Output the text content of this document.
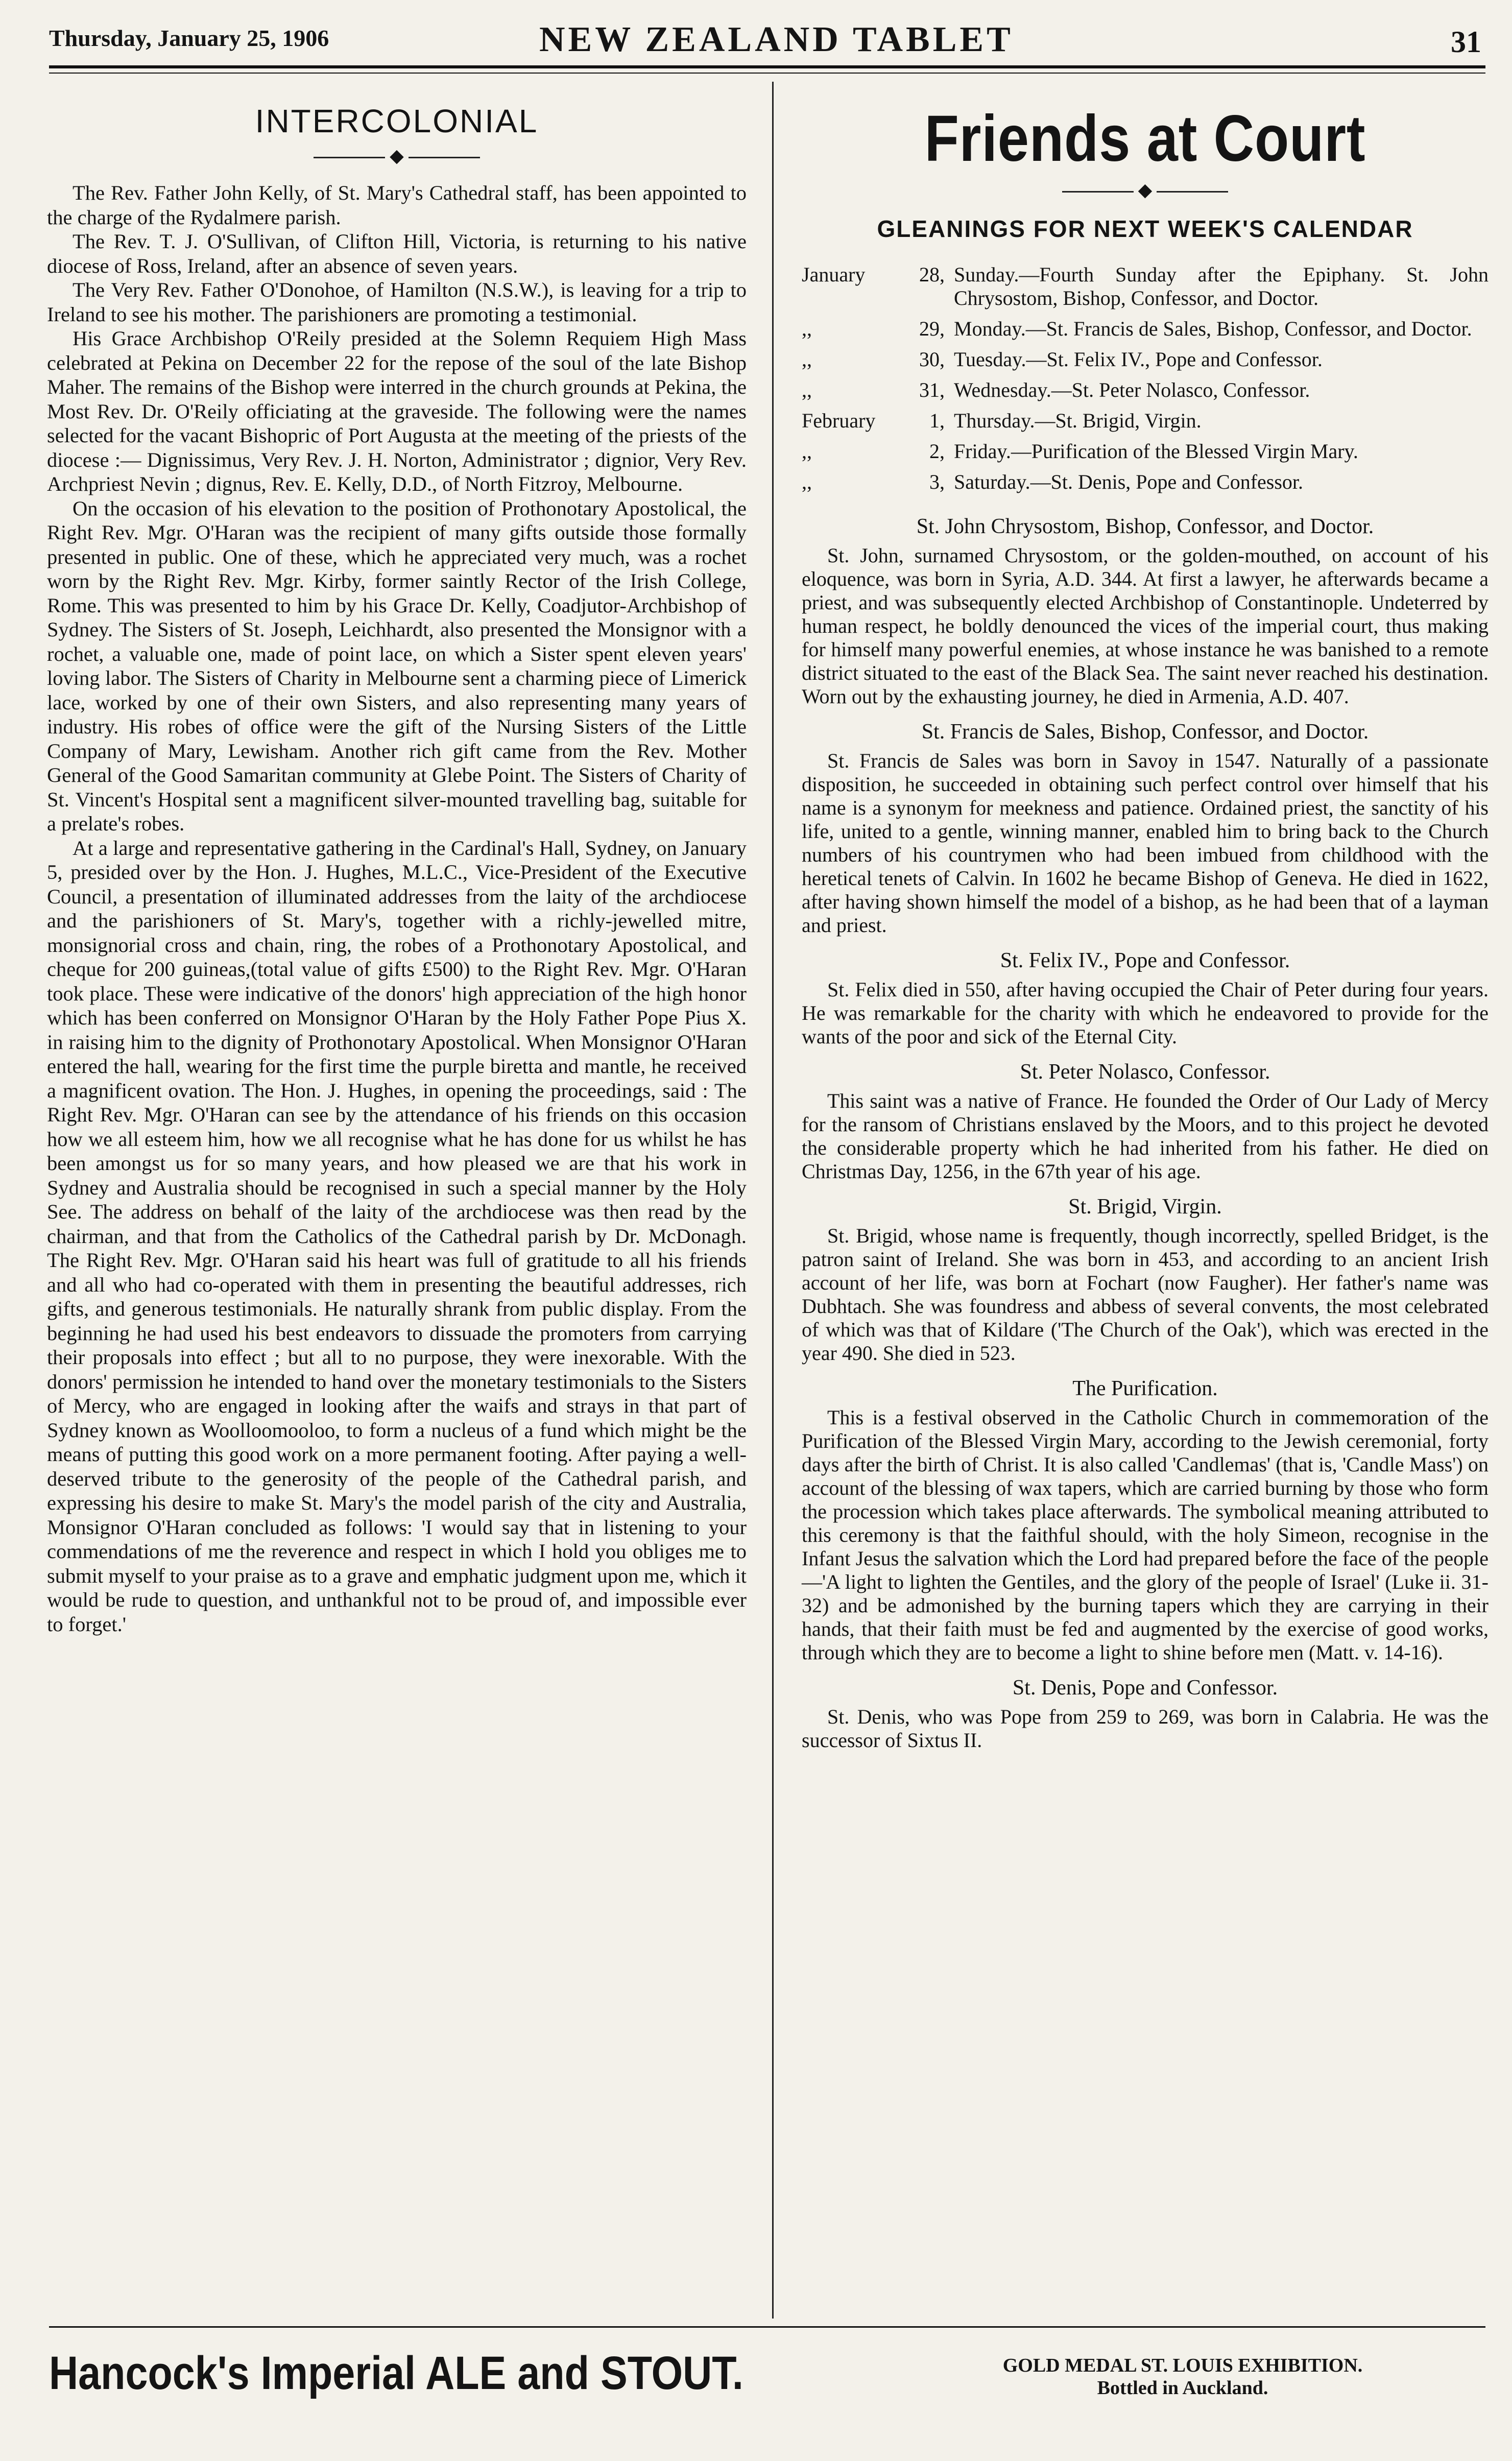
Thursday, January 25, 1906	NEW ZEALAND TABLET	31
INTERCOLONIAL
◆

The Rev. Father John Kelly, of St. Mary's Cathedral staff, has been appointed to the charge of the Rydalmere parish.

The Rev. T. J. O'Sullivan, of Clifton Hill, Victoria, is returning to his native diocese of Ross, Ireland, after an absence of seven years.

The Very Rev. Father O'Donohoe, of Hamilton (N.S.W.), is leaving for a trip to Ireland to see his mother. The parishioners are promoting a testimonial.

His Grace Archbishop O'Reily presided at the Solemn Requiem High Mass celebrated at Pekina on December 22 for the repose of the soul of the late Bishop Maher. The remains of the Bishop were interred in the church grounds at Pekina, the Most Rev. Dr. O'Reily officiating at the graveside. The following were the names selected for the vacant Bishopric of Port Augusta at the meeting of the priests of the diocese :— Dignissimus, Very Rev. J. H. Norton, Administrator ; dignior, Very Rev. Archpriest Nevin ; dignus, Rev. E. Kelly, D.D., of North Fitzroy, Melbourne.

On the occasion of his elevation to the position of Prothonotary Apostolical, the Right Rev. Mgr. O'Haran was the recipient of many gifts outside those formally presented in public. One of these, which he appreciated very much, was a rochet worn by the Right Rev. Mgr. Kirby, former saintly Rector of the Irish College, Rome. This was presented to him by his Grace Dr. Kelly, Coadjutor-Archbishop of Sydney. The Sisters of St. Joseph, Leichhardt, also presented the Monsignor with a rochet, a valuable one, made of point lace, on which a Sister spent eleven years' loving labor. The Sisters of Charity in Melbourne sent a charming piece of Limerick lace, worked by one of their own Sisters, and also representing many years of industry. His robes of office were the gift of the Nursing Sisters of the Little Company of Mary, Lewisham. Another rich gift came from the Rev. Mother General of the Good Samaritan community at Glebe Point. The Sisters of Charity of St. Vincent's Hospital sent a magnificent silver-mounted travelling bag, suitable for a prelate's robes.

At a large and representative gathering in the Cardinal's Hall, Sydney, on January 5, presided over by the Hon. J. Hughes, M.L.C., Vice-President of the Executive Council, a presentation of illuminated addresses from the laity of the archdiocese and the parishioners of St. Mary's, together with a richly-jewelled mitre, monsignorial cross and chain, ring, the robes of a Prothonotary Apostolical, and cheque for 200 guineas,(total value of gifts £500) to the Right Rev. Mgr. O'Haran took place. These were indicative of the donors' high appreciation of the high honor which has been conferred on Monsignor O'Haran by the Holy Father Pope Pius X. in raising him to the dignity of Prothonotary Apostolical. When Monsignor O'Haran entered the hall, wearing for the first time the purple biretta and mantle, he received a magnificent ovation. The Hon. J. Hughes, in opening the proceedings, said : The Right Rev. Mgr. O'Haran can see by the attendance of his friends on this occasion how we all esteem him, how we all recognise what he has done for us whilst he has been amongst us for so many years, and how pleased we are that his work in Sydney and Australia should be recognised in such a special manner by the Holy See. The address on behalf of the laity of the archdiocese was then read by the chairman, and that from the Catholics of the Cathedral parish by Dr. McDonagh. The Right Rev. Mgr. O'Haran said his heart was full of gratitude to all his friends and all who had co-operated with them in presenting the beautiful addresses, rich gifts, and generous testimonials. He naturally shrank from public display. From the beginning he had used his best endeavors to dissuade the promoters from carrying their proposals into effect ; but all to no purpose, they were inexorable. With the donors' permission he intended to hand over the monetary testimonials to the Sisters of Mercy, who are engaged in looking after the waifs and strays in that part of Sydney known as Woolloomooloo, to form a nucleus of a fund which might be the means of putting this good work on a more permanent footing. After paying a well-deserved tribute to the generosity of the people of the Cathedral parish, and expressing his desire to make St. Mary's the model parish of the city and Australia, Monsignor O'Haran concluded as follows: 'I would say that in listening to your commendations of me the reverence and respect in which I hold you obliges me to submit myself to your praise as to a grave and emphatic judgment upon me, which it would be rude to question, and unthankful not to be proud of, and impossible ever to forget.'

Friends at Court
◆
GLEANINGS FOR NEXT WEEK'S CALENDAR
January	28, Sunday.—Fourth Sunday after the Epiphany. St. John Chrysostom, Bishop, Confessor, and Doctor.
,,	29, Monday.—St. Francis de Sales, Bishop, Confessor, and Doctor.
,,	30, Tuesday.—St. Felix IV., Pope and Confessor.
,,	31, Wednesday.—St. Peter Nolasco, Confessor.
February	1, Thursday.—St. Brigid, Virgin.
,,	2, Friday.—Purification of the Blessed Virgin Mary.
,,	3, Saturday.—St. Denis, Pope and Confessor.
St. John Chrysostom, Bishop, Confessor, and Doctor.

St. John, surnamed Chrysostom, or the golden-mouthed, on account of his eloquence, was born in Syria, A.D. 344. At first a lawyer, he afterwards became a priest, and was subsequently elected Archbishop of Constantinople. Undeterred by human respect, he boldly denounced the vices of the imperial court, thus making for himself many powerful enemies, at whose instance he was banished to a remote district situated to the east of the Black Sea. The saint never reached his destination. Worn out by the exhausting journey, he died in Armenia, A.D. 407.

St. Francis de Sales, Bishop, Confessor, and Doctor.

St. Francis de Sales was born in Savoy in 1547. Naturally of a passionate disposition, he succeeded in obtaining such perfect control over himself that his name is a synonym for meekness and patience. Ordained priest, the sanctity of his life, united to a gentle, winning manner, enabled him to bring back to the Church numbers of his countrymen who had been imbued from childhood with the heretical tenets of Calvin. In 1602 he became Bishop of Geneva. He died in 1622, after having shown himself the model of a bishop, as he had been that of a layman and priest.

St. Felix IV., Pope and Confessor.

St. Felix died in 550, after having occupied the Chair of Peter during four years. He was remarkable for the charity with which he endeavored to provide for the wants of the poor and sick of the Eternal City.

St. Peter Nolasco, Confessor.

This saint was a native of France. He founded the Order of Our Lady of Mercy for the ransom of Christians enslaved by the Moors, and to this project he devoted the considerable property which he had inherited from his father. He died on Christmas Day, 1256, in the 67th year of his age.

St. Brigid, Virgin.

St. Brigid, whose name is frequently, though incorrectly, spelled Bridget, is the patron saint of Ireland. She was born in 453, and according to an ancient Irish account of her life, was born at Fochart (now Faugher). Her father's name was Dubhtach. She was foundress and abbess of several convents, the most celebrated of which was that of Kildare ('The Church of the Oak'), which was erected in the year 490. She died in 523.

The Purification.

This is a festival observed in the Catholic Church in commemoration of the Purification of the Blessed Virgin Mary, according to the Jewish ceremonial, forty days after the birth of Christ. It is also called 'Candlemas' (that is, 'Candle Mass') on account of the blessing of wax tapers, which are carried burning by those who form the procession which takes place afterwards. The symbolical meaning attributed to this ceremony is that the faithful should, with the holy Simeon, recognise in the Infant Jesus the salvation which the Lord had prepared before the face of the people—'A light to lighten the Gentiles, and the glory of the people of Israel' (Luke ii. 31-32) and be admonished by the burning tapers which they are carrying in their hands, that their faith must be fed and augmented by the exercise of good works, through which they are to become a light to shine before men (Matt. v. 14-16).

St. Denis, Pope and Confessor.

St. Denis, who was Pope from 259 to 269, was born in Calabria. He was the successor of Sixtus II.

Hancock's Imperial ALE and STOUT.	GOLD MEDAL ST. LOUIS EXHIBITION.
Bottled in Auckland.
